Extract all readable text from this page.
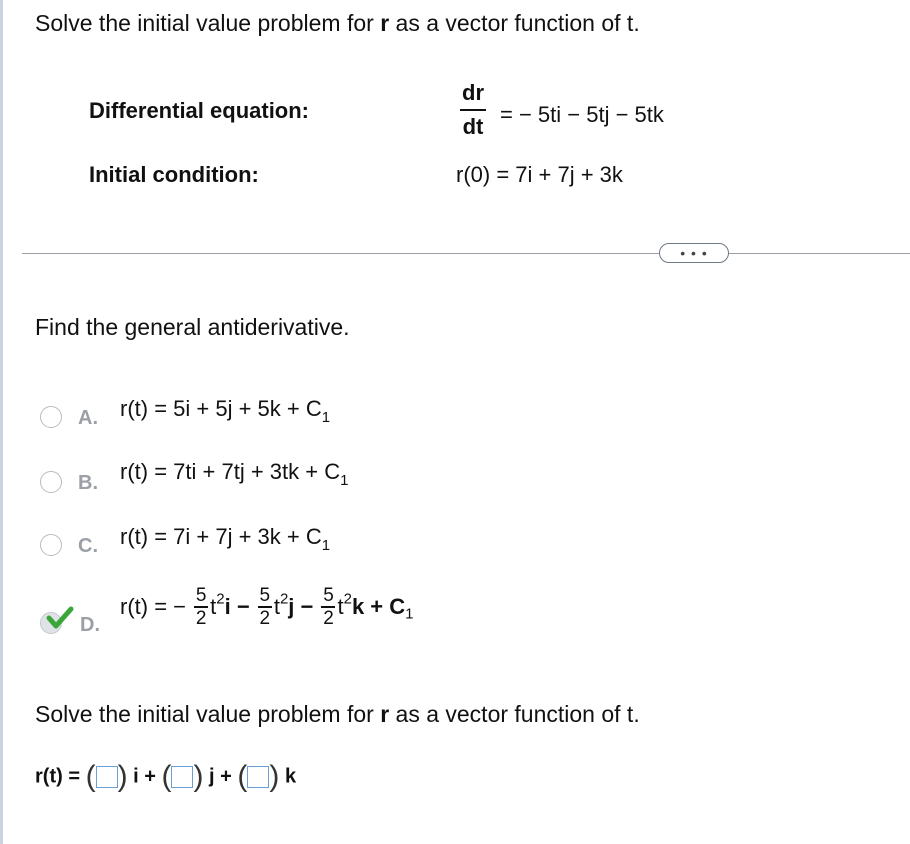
Solve the initial value problem for r as a vector function of t.
Differential equation:
dr
dt = − 5ti − 5tj − 5tk
Initial condition:	r(0) = 7i + 7j + 3k
• • •
Find the general antiderivative.
A. $r(t) = 5i + 5j + 5k + C_1$
B. $r(t) = 7ti + 7tj + 3tk + C_1$
C. $r(t) = 7i + 7j + 3k + C_1$
D.
r(t) = − $\frac{5}{2} t^2i - \frac{5}{2} t^2j - \frac{5}{2} t^2k + C_1$
Solve the initial value problem for r as a vector function of t.
r(t) = ( ) i + ( ) j + ( ) k
